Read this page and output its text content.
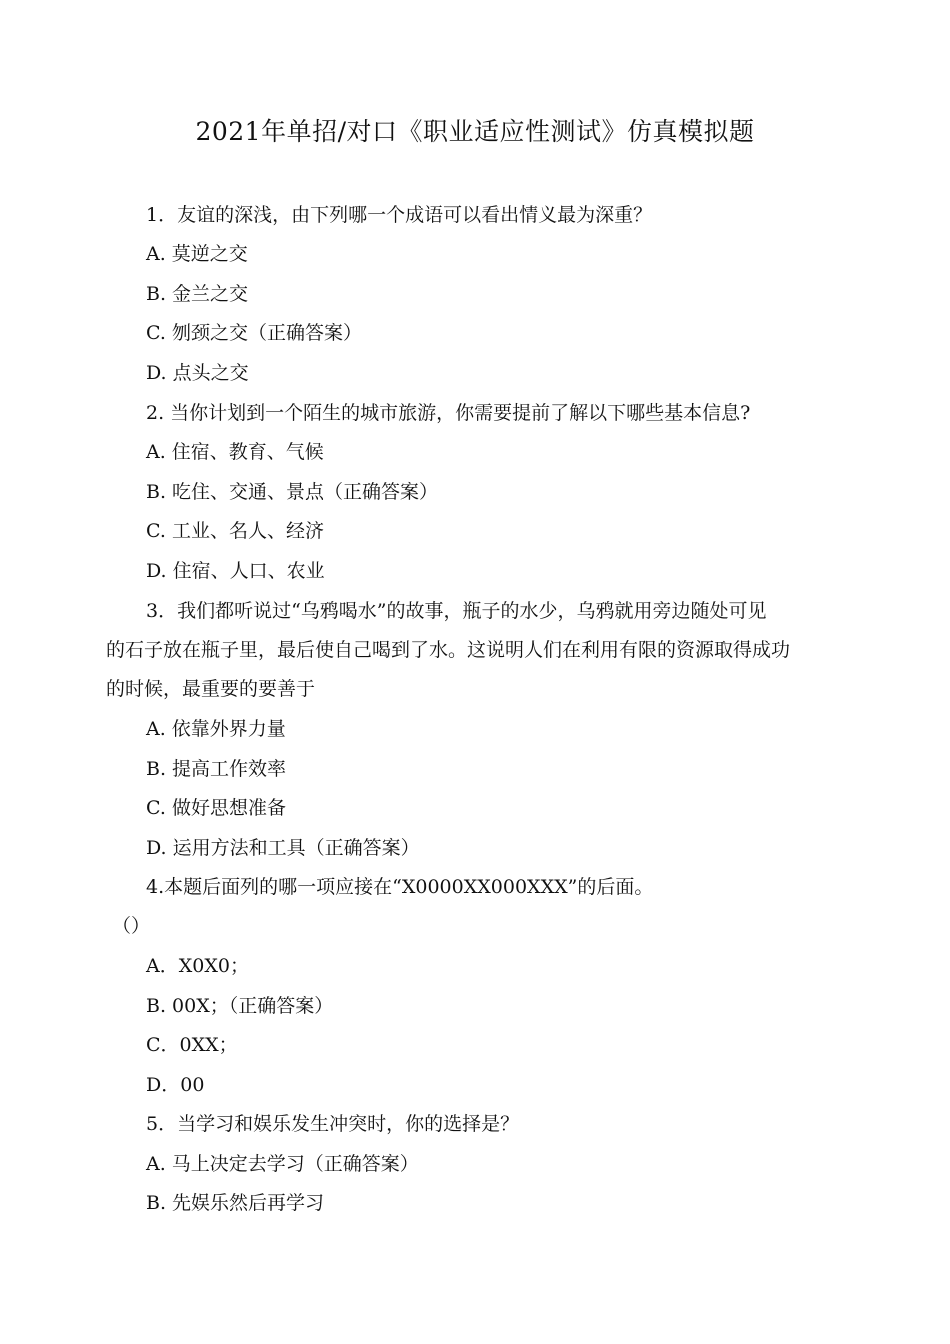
2021年单招/对口《职业适应性测试》仿真模拟题
1．友谊的深浅，由下列哪一个成语可以看出情义最为深重？
A. 莫逆之交
B. 金兰之交
C. 刎颈之交（正确答案）
D. 点头之交
2. 当你计划到一个陌生的城市旅游，你需要提前了解以下哪些基本信息?
A. 住宿、教育、气候
B. 吃住、交通、景点（正确答案）
C. 工业、名人、经济
D. 住宿、人口、农业
3．我们都听说过“乌鸦喝水”的故事，瓶子的水少，乌鸦就用旁边随处可见
的石子放在瓶子里，最后使自己喝到了水。这说明人们在利用有限的资源取得成功
的时候，最重要的要善于
A. 依靠外界力量
B. 提高工作效率
C. 做好思想准备
D. 运用方法和工具（正确答案）
4.本题后面列的哪一项应接在“X0000XX000XXX”的后面。
（）
A．X0X0；
B. 00X；（正确答案）
C．0XX；
D．00
5．当学习和娱乐发生冲突时，你的选择是？
A. 马上决定去学习（正确答案）
B. 先娱乐然后再学习
